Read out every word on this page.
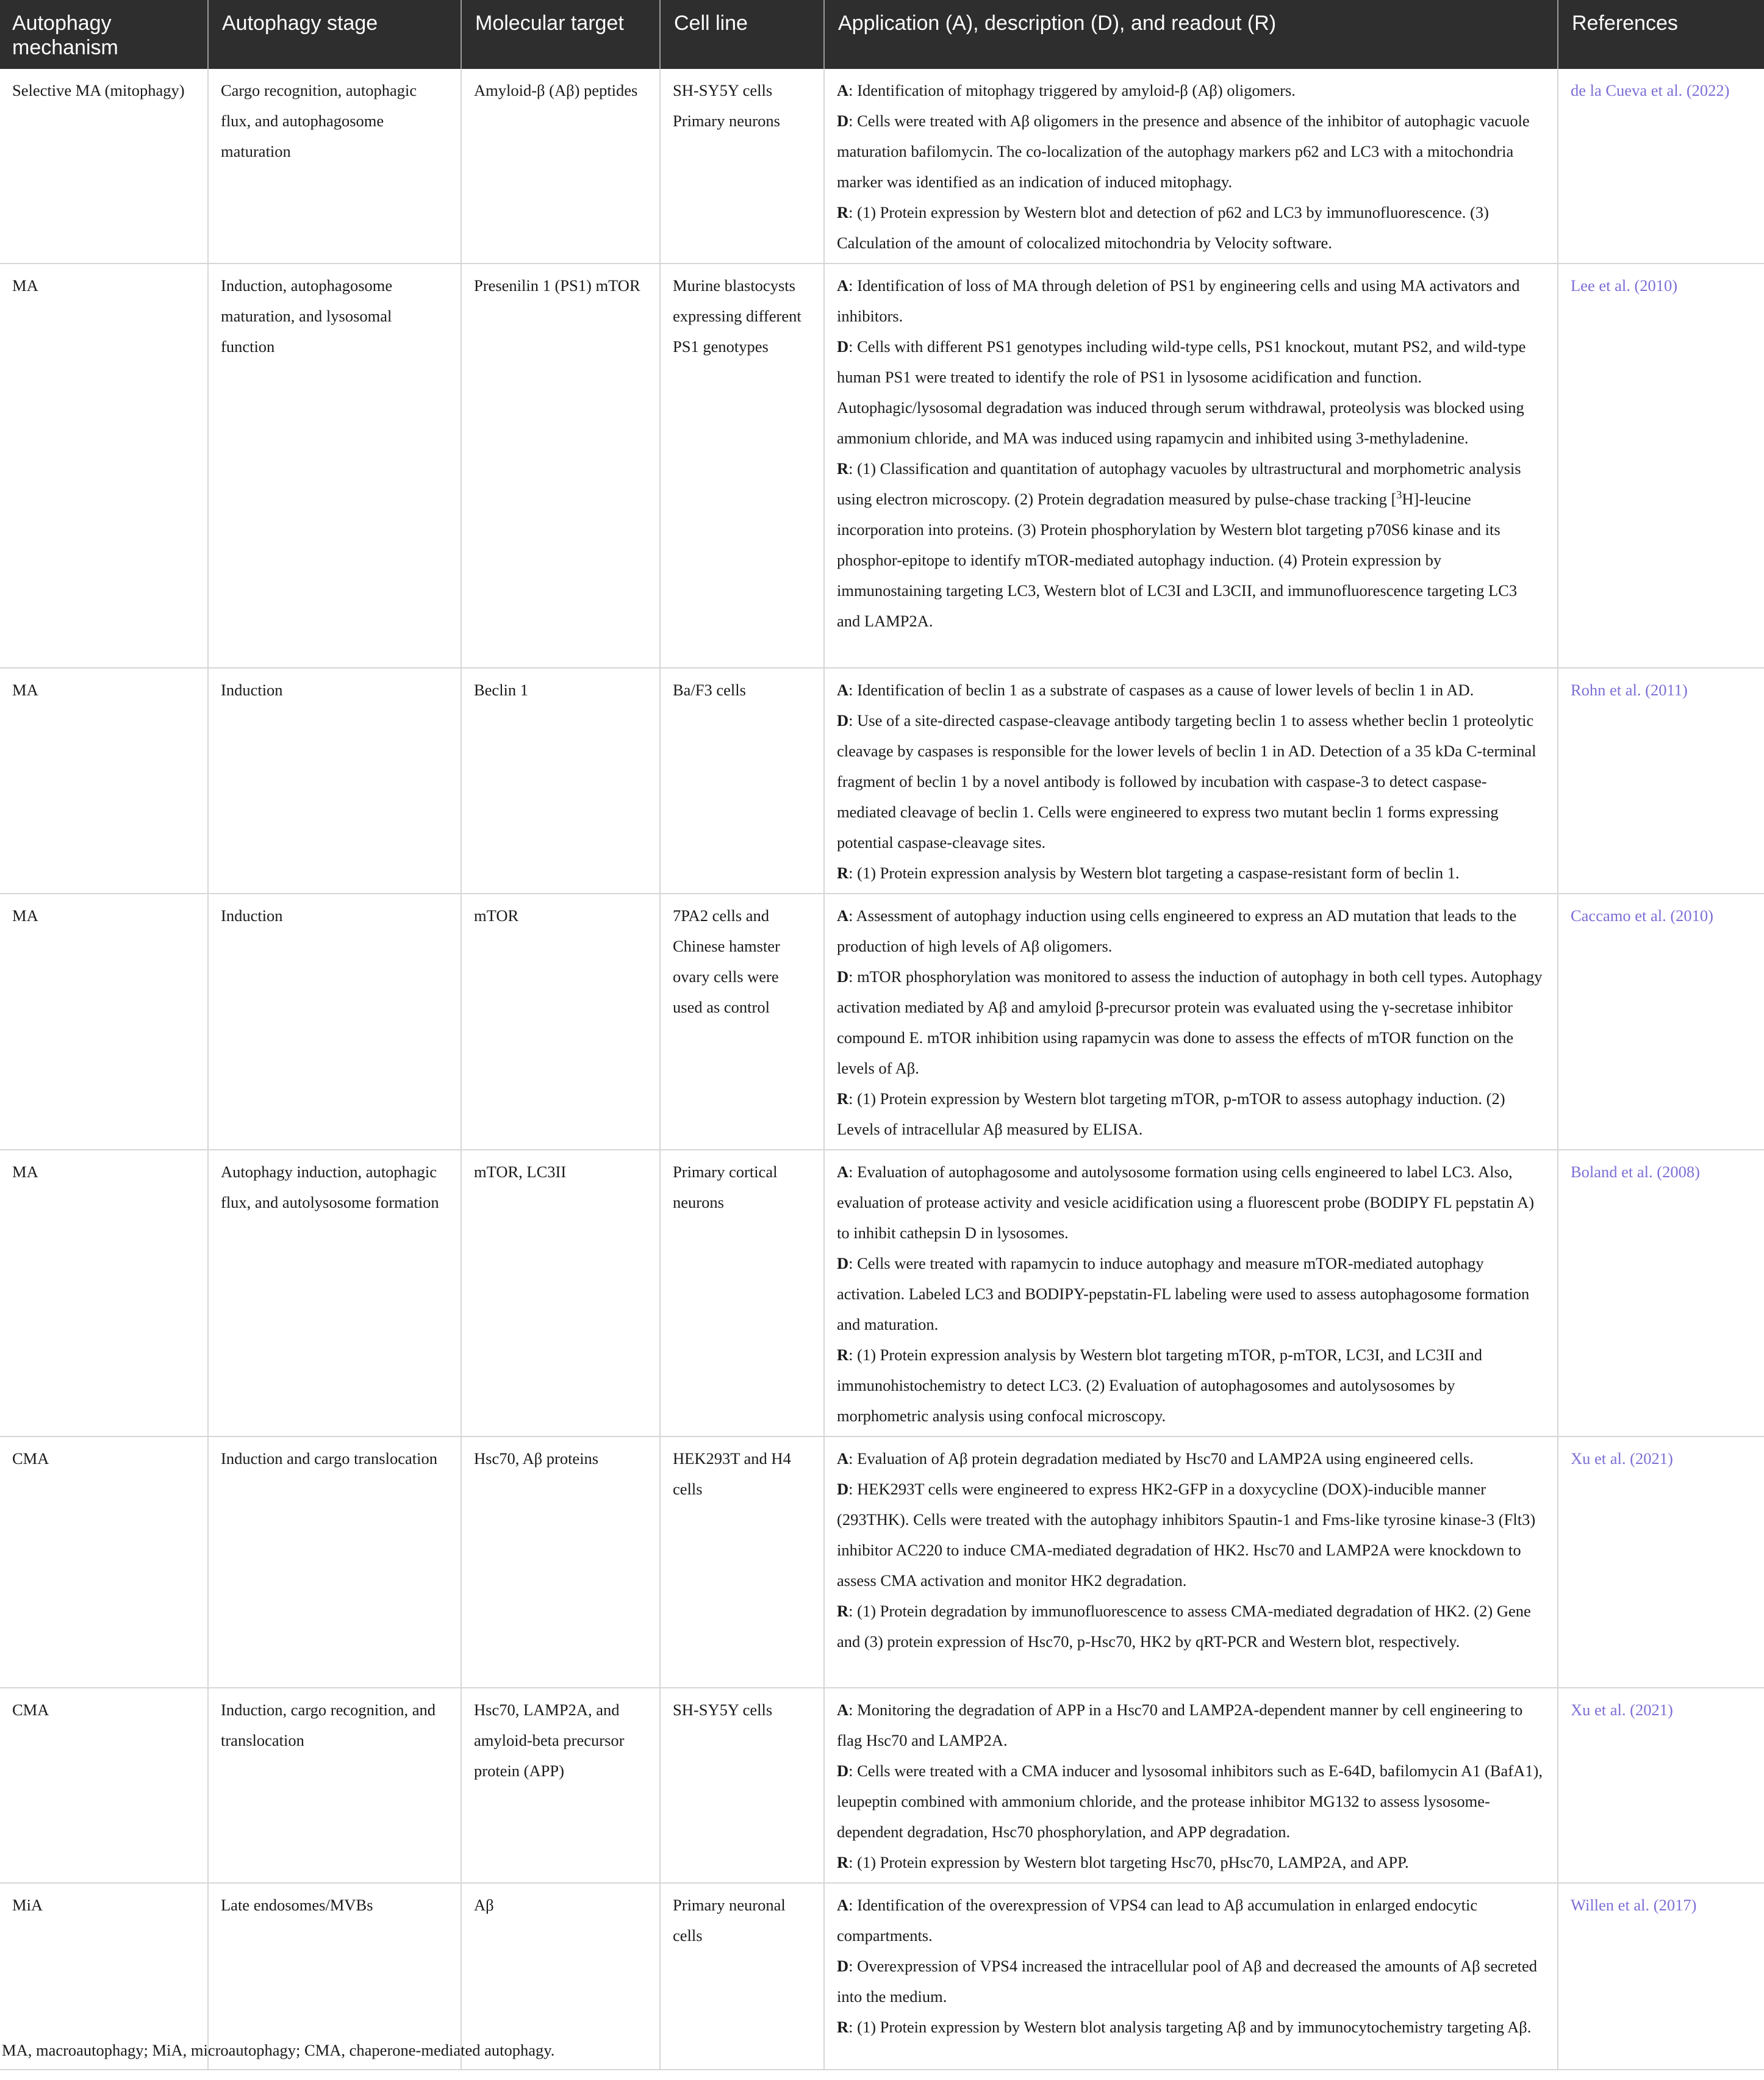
Autophagy mechanism	Autophagy stage	Molecular target	Cell line	Application (A), description (D), and readout (R)	References
Selective MA (mitophagy)	Cargo recognition, autophagic flux, and autophagosome maturation	Amyloid-β (Aβ) peptides	SH-SY5Y cells Primary neurons	A: Identification of mitophagy triggered by amyloid-β (Aβ) oligomers.
D: Cells were treated with Aβ oligomers in the presence and absence of the inhibitor of autophagic vacuole maturation bafilomycin. The co-localization of the autophagy markers p62 and LC3 with a mitochondria marker was identified as an indication of induced mitophagy.
R: (1) Protein expression by Western blot and detection of p62 and LC3 by immunofluorescence. (3) Calculation of the amount of colocalized mitochondria by Velocity software.	de la Cueva et al. (2022)
MA	Induction, autophagosome maturation, and lysosomal function	Presenilin 1 (PS1) mTOR	Murine blastocysts expressing different PS1 genotypes	A: Identification of loss of MA through deletion of PS1 by engineering cells and using MA activators and inhibitors.
D: Cells with different PS1 genotypes including wild-type cells, PS1 knockout, mutant PS2, and wild-type human PS1 were treated to identify the role of PS1 in lysosome acidification and function. Autophagic/lysosomal degradation was induced through serum withdrawal, proteolysis was blocked using ammonium chloride, and MA was induced using rapamycin and inhibited using 3-methyladenine.
R: (1) Classification and quantitation of autophagy vacuoles by ultrastructural and morphometric analysis using electron microscopy. (2) Protein degradation measured by pulse-chase tracking [$^3$H]-leucine incorporation into proteins. (3) Protein phosphorylation by Western blot targeting p70S6 kinase and its phosphor-epitope to identify mTOR-mediated autophagy induction. (4) Protein expression by immunostaining targeting LC3, Western blot of LC3I and L3CII, and immunofluorescence targeting LC3 and LAMP2A.	Lee et al. (2010)
MA	Induction	Beclin 1	Ba/F3 cells	A: Identification of beclin 1 as a substrate of caspases as a cause of lower levels of beclin 1 in AD.
D: Use of a site-directed caspase-cleavage antibody targeting beclin 1 to assess whether beclin 1 proteolytic cleavage by caspases is responsible for the lower levels of beclin 1 in AD. Detection of a 35 kDa C-terminal fragment of beclin 1 by a novel antibody is followed by incubation with caspase-3 to detect caspase-mediated cleavage of beclin 1. Cells were engineered to express two mutant beclin 1 forms expressing potential caspase-cleavage sites.
R: (1) Protein expression analysis by Western blot targeting a caspase-resistant form of beclin 1.	Rohn et al. (2011)
MA	Induction	mTOR	7PA2 cells and Chinese hamster ovary cells were used as control	A: Assessment of autophagy induction using cells engineered to express an AD mutation that leads to the production of high levels of Aβ oligomers.
D: mTOR phosphorylation was monitored to assess the induction of autophagy in both cell types. Autophagy activation mediated by Aβ and amyloid β-precursor protein was evaluated using the γ-secretase inhibitor compound E. mTOR inhibition using rapamycin was done to assess the effects of mTOR function on the levels of Aβ.
R: (1) Protein expression by Western blot targeting mTOR, p-mTOR to assess autophagy induction. (2) Levels of intracellular Aβ measured by ELISA.	Caccamo et al. (2010)
MA	Autophagy induction, autophagic flux, and autolysosome formation	mTOR, LC3II	Primary cortical neurons	A: Evaluation of autophagosome and autolysosome formation using cells engineered to label LC3. Also, evaluation of protease activity and vesicle acidification using a fluorescent probe (BODIPY FL pepstatin A) to inhibit cathepsin D in lysosomes.
D: Cells were treated with rapamycin to induce autophagy and measure mTOR-mediated autophagy activation. Labeled LC3 and BODIPY-pepstatin-FL labeling were used to assess autophagosome formation and maturation.
R: (1) Protein expression analysis by Western blot targeting mTOR, p-mTOR, LC3I, and LC3II and immunohistochemistry to detect LC3. (2) Evaluation of autophagosomes and autolysosomes by morphometric analysis using confocal microscopy.	Boland et al. (2008)
CMA	Induction and cargo translocation	Hsc70, Aβ proteins	HEK293T and H4 cells	A: Evaluation of Aβ protein degradation mediated by Hsc70 and LAMP2A using engineered cells.
D: HEK293T cells were engineered to express HK2-GFP in a doxycycline (DOX)-inducible manner (293THK). Cells were treated with the autophagy inhibitors Spautin-1 and Fms-like tyrosine kinase-3 (Flt3) inhibitor AC220 to induce CMA-mediated degradation of HK2. Hsc70 and LAMP2A were knockdown to assess CMA activation and monitor HK2 degradation.
R: (1) Protein degradation by immunofluorescence to assess CMA-mediated degradation of HK2. (2) Gene and (3) protein expression of Hsc70, p-Hsc70, HK2 by qRT-PCR and Western blot, respectively.	Xu et al. (2021)
CMA	Induction, cargo recognition, and translocation	Hsc70, LAMP2A, and amyloid-beta precursor protein (APP)	SH-SY5Y cells	A: Monitoring the degradation of APP in a Hsc70 and LAMP2A-dependent manner by cell engineering to flag Hsc70 and LAMP2A.
D: Cells were treated with a CMA inducer and lysosomal inhibitors such as E-64D, bafilomycin A1 (BafA1), leupeptin combined with ammonium chloride, and the protease inhibitor MG132 to assess lysosome-dependent degradation, Hsc70 phosphorylation, and APP degradation.
R: (1) Protein expression by Western blot targeting Hsc70, pHsc70, LAMP2A, and APP.	Xu et al. (2021)
MiA	Late endosomes/MVBs	Aβ	Primary neuronal cells	A: Identification of the overexpression of VPS4 can lead to Aβ accumulation in enlarged endocytic compartments.
D: Overexpression of VPS4 increased the intracellular pool of Aβ and decreased the amounts of Aβ secreted into the medium.
R: (1) Protein expression by Western blot analysis targeting Aβ and by immunocytochemistry targeting Aβ.	Willen et al. (2017)
MA, macroautophagy; MiA, microautophagy; CMA, chaperone-mediated autophagy.
